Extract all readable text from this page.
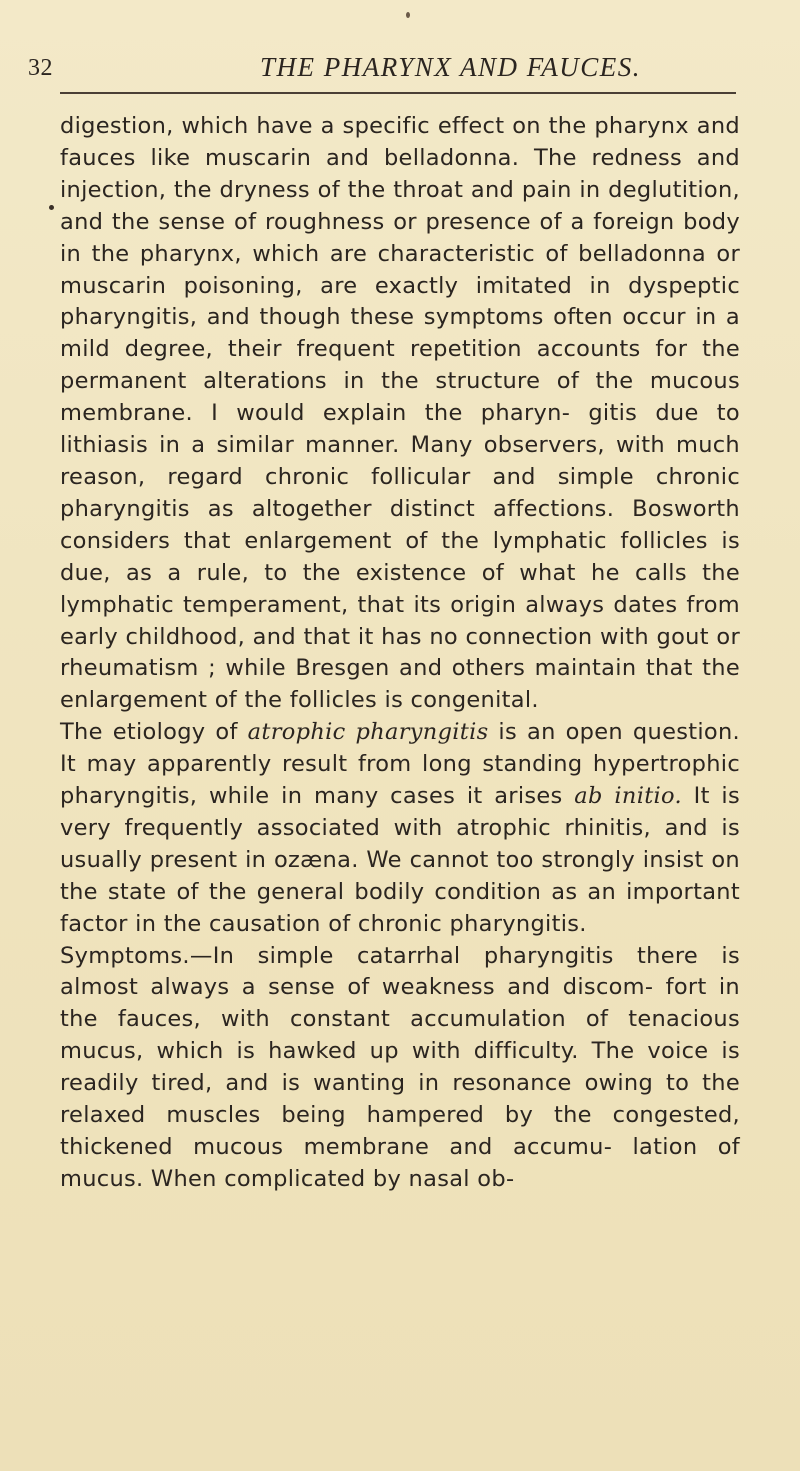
32	THE PHARYNX AND FAUCES.

digestion, which have a specific effect on the pharynx and fauces like muscarin and belladonna. The redness and injection, the dryness of the throat and pain in deglutition, and the sense of roughness or presence of a foreign body in the pharynx, which are characteristic of belladonna or muscarin poisoning, are exactly imitated in dyspeptic pharyngitis, and though these symptoms often occur in a mild degree, their frequent repetition accounts for the permanent alterations in the structure of the mucous membrane. I would explain the pharyn- gitis due to lithiasis in a similar manner. Many observers, with much reason, regard chronic follicular and simple chronic pharyngitis as altogether distinct affections. Bosworth considers that enlargement of the lymphatic follicles is due, as a rule, to the existence of what he calls the lymphatic temperament, that its origin always dates from early childhood, and that it has no connection with gout or rheumatism ; while Bresgen and others maintain that the enlargement of the follicles is congenital.

The etiology of atrophic pharyngitis is an open question. It may apparently result from long standing hypertrophic pharyngitis, while in many cases it arises ab initio. It is very frequently associated with atrophic rhinitis, and is usually present in ozæna. We cannot too strongly insist on the state of the general bodily condition as an important factor in the causation of chronic pharyngitis.

Symptoms.—In simple catarrhal pharyngitis there is almost always a sense of weakness and discom- fort in the fauces, with constant accumulation of tenacious mucus, which is hawked up with difficulty. The voice is readily tired, and is wanting in resonance owing to the relaxed muscles being hampered by the congested, thickened mucous membrane and accumu- lation of mucus. When complicated by nasal ob-
